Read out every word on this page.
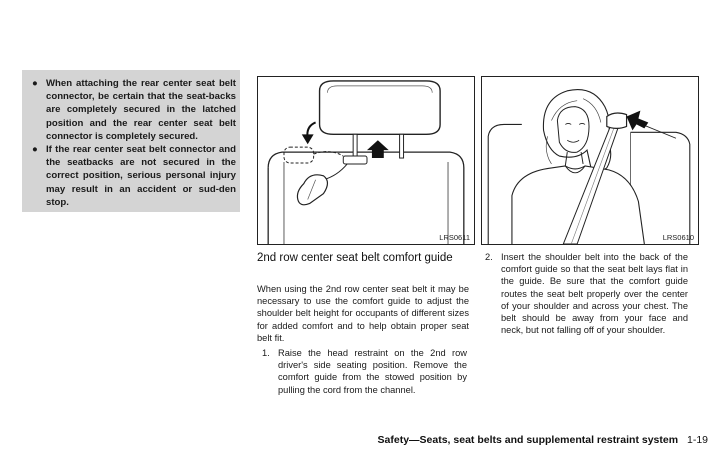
● When attaching the rear center seat belt connector, be certain that the seat-backs are completely secured in the latched position and the rear center seat belt connector is completely secured.
● If the rear center seat belt connector and the seatbacks are not secured in the correct position, serious personal injury may result in an accident or sud-den stop.
LRS0611	LRS0610
2nd row center seat belt comfort guide
When using the 2nd row center seat belt it may be necessary to use the comfort guide to adjust the shoulder belt height for occupants of different sizes for added comfort and to help obtain proper seat belt fit.
1. Raise the head restraint on the 2nd row driver's side seating position. Remove the comfort guide from the stowed position by pulling the cord from the channel.
2. Insert the shoulder belt into the back of the comfort guide so that the seat belt lays flat in the guide. Be sure that the comfort guide routes the seat belt properly over the center of your shoulder and across your chest. The belt should be away from your face and neck, but not falling off of your shoulder.
Safety—Seats, seat belts and supplemental restraint system 1-19
